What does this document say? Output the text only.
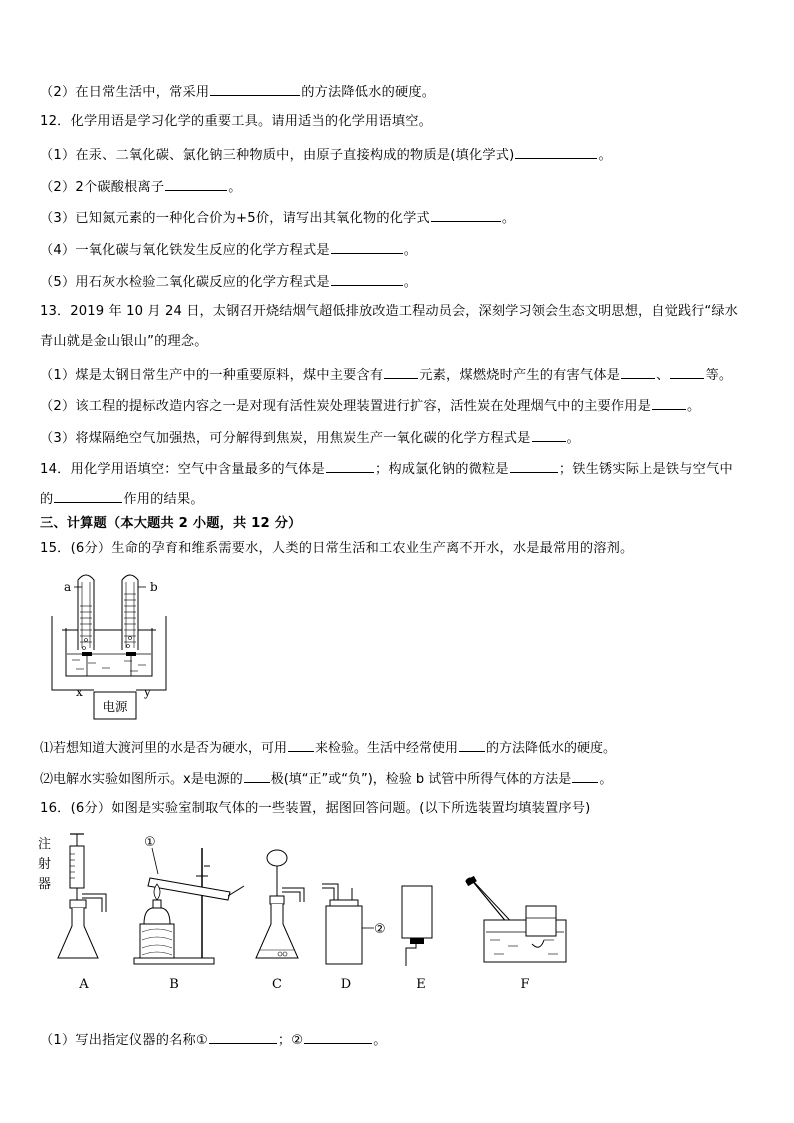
（2）在日常生活中，常采用	的方法降低水的硬度。
12．化学用语是学习化学的重要工具。请用适当的化学用语填空。
（1）在汞、二氧化碳、氯化钠三种物质中，由原子直接构成的物质是(填化学式)	。
（2）2个碳酸根离子	。
（3）已知氮元素的一种化合价为+5价，请写出其氧化物的化学式	。
（4）一氧化碳与氧化铁发生反应的化学方程式是	。
（5）用石灰水检验二氧化碳反应的化学方程式是	。
13．2019 年 10 月 24 日，太钢召开烧结烟气超低排放改造工程动员会，深刻学习领会生态文明思想，自觉践行“绿水
青山就是金山银山”的理念。
（1）煤是太钢日常生产中的一种重要原料，煤中主要含有	元素，煤燃烧时产生的有害气体是	、	等。
（2）该工程的提标改造内容之一是对现有活性炭处理装置进行扩容，活性炭在处理烟气中的主要作用是	。
（3）将煤隔绝空气加强热，可分解得到焦炭，用焦炭生产一氧化碳的化学方程式是	。
14．用化学用语填空：空气中含量最多的气体是	；构成氯化钠的微粒是	；铁生锈实际上是铁与空气中
的	作用的结果。
三、计算题（本大题共 2 小题，共 12 分）
15．(6分）生命的孕育和维系需要水，人类的日常生活和工农业生产离不开水，水是最常用的溶剂。
a	b
x	y
电源
⑴若想知道大渡河里的水是否为硬水，可用 来检验。生活中经常使用 的方法降低水的硬度。
⑵电解水实验如图所示。x是电源的 极(填“正”或“负”)，检验 b 试管中所得气体的方法是 。
16．(6分）如图是实验室制取气体的一些装置，据图回答问题。(以下所选装置均填装置序号)
注
射
器
A
①
B	C
②
D	E	F
（1）写出指定仪器的名称①	；②	。
